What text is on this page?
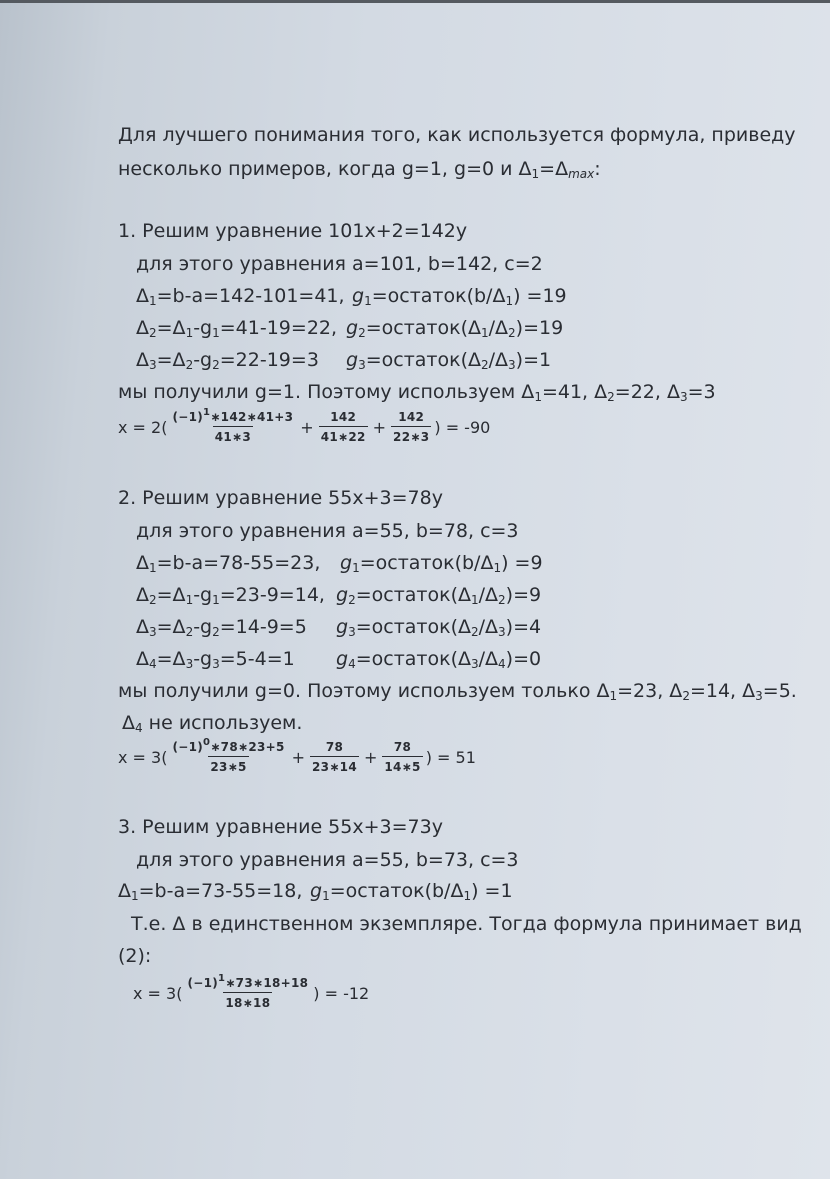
Для лучшего понимания того, как используется формула, приведу
несколько примеров, когда g=1, g=0 и $\Delta_1=\Delta_{max}$:
1. Решим уравнение 101x+2=142y
для этого уравнения a=101, b=142, c=2
$\Delta_1=b-a=142-101=41$, $g_1=остаток(b/\Delta_1) =19$
$\Delta_2=\Delta_1-g_1=41-19=22$, $g_2=остаток(\Delta_1/\Delta_2)=19$
$\Delta_3=\Delta_2-g_2=22-19=3$ $g_3=остаток(\Delta_2/\Delta_3)=1$
мы получили g=1. Поэтому используем $\Delta_1=41$, $\Delta_2=22$, $\Delta_3=3$
$x = 2( \frac{(-1)^1∗142∗41+3}{41∗3} + \frac{142}{41∗22} + \frac{142}{22∗3}$ ) = -90
2. Решим уравнение 55x+3=78y
для этого уравнения a=55, b=78, c=3
$\Delta_1=b-a=78-55=23$, $g_1=остаток(b/\Delta_1) =9$
$\Delta_2=\Delta_1-g_1=23-9=14$, $g_2=остаток(\Delta_1/\Delta_2)=9$
$\Delta_3=\Delta_2-g_2=14-9=5$ $g_3=остаток(\Delta_2/\Delta_3)=4$
$\Delta_4=\Delta_3-g_3=5-4=1$ $g_4=остаток(\Delta_3/\Delta_4)=0$
мы получили g=0. Поэтому используем только $\Delta_1=23$, $\Delta_2=14$, $\Delta_3=5$.
$\Delta_4$ не используем.
$x = 3( \frac{(-1)^0∗78∗23+5}{23∗5} + \frac{78}{23∗14} + \frac{78}{14∗5}$ ) = 51
3. Решим уравнение 55x+3=73y
для этого уравнения a=55, b=73, c=3
$\Delta_1=b-a=73-55=18$, $g_1=остаток(b/\Delta_1) =1$
Т.е. Δ в единственном экземпляре. Тогда формула принимает вид
(2):
$x = 3( \frac{(-1)^1∗73∗18+18}{18∗18}$ ) = -12
